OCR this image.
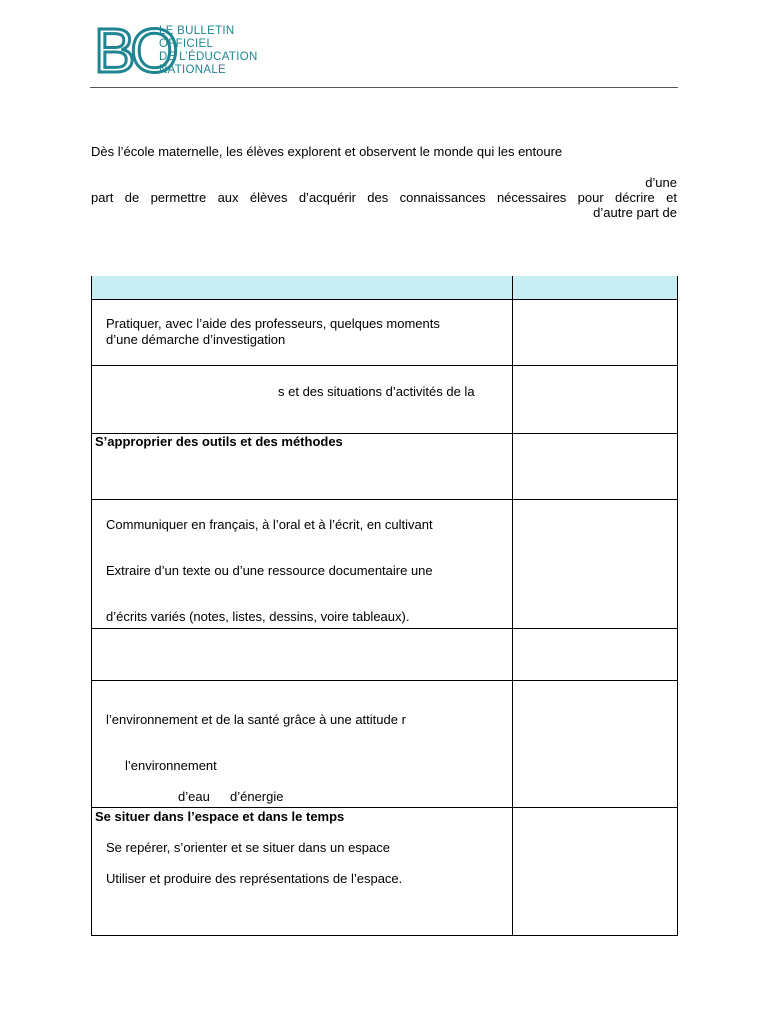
BO
LE BULLETIN
OFFICIEL
DE L’ÉDUCATION
NATIONALE
Dès l’école maternelle, les élèves explorent et observent le monde qui les entoure
d’une
part de permettre aux élèves d’acquérir des connaissances nécessaires pour décrire et
d’autre part de
Pratiquer, avec l’aide des professeurs, quelques moments
d’une démarche d’investigation
s et des situations d’activités de la
S’approprier des outils et des méthodes
Communiquer en français, à l’oral et à l’écrit, en cultivant
Extraire d’un texte ou d’une ressource documentaire une
d’écrits variés (notes, listes, dessins, voire tableaux).
l’environnement et de la santé grâce à une attitude r
l’environnement
d’eau d’énergie
Se situer dans l’espace et dans le temps
Se repérer, s’orienter et se situer dans un espace
Utiliser et produire des représentations de l’espace.
